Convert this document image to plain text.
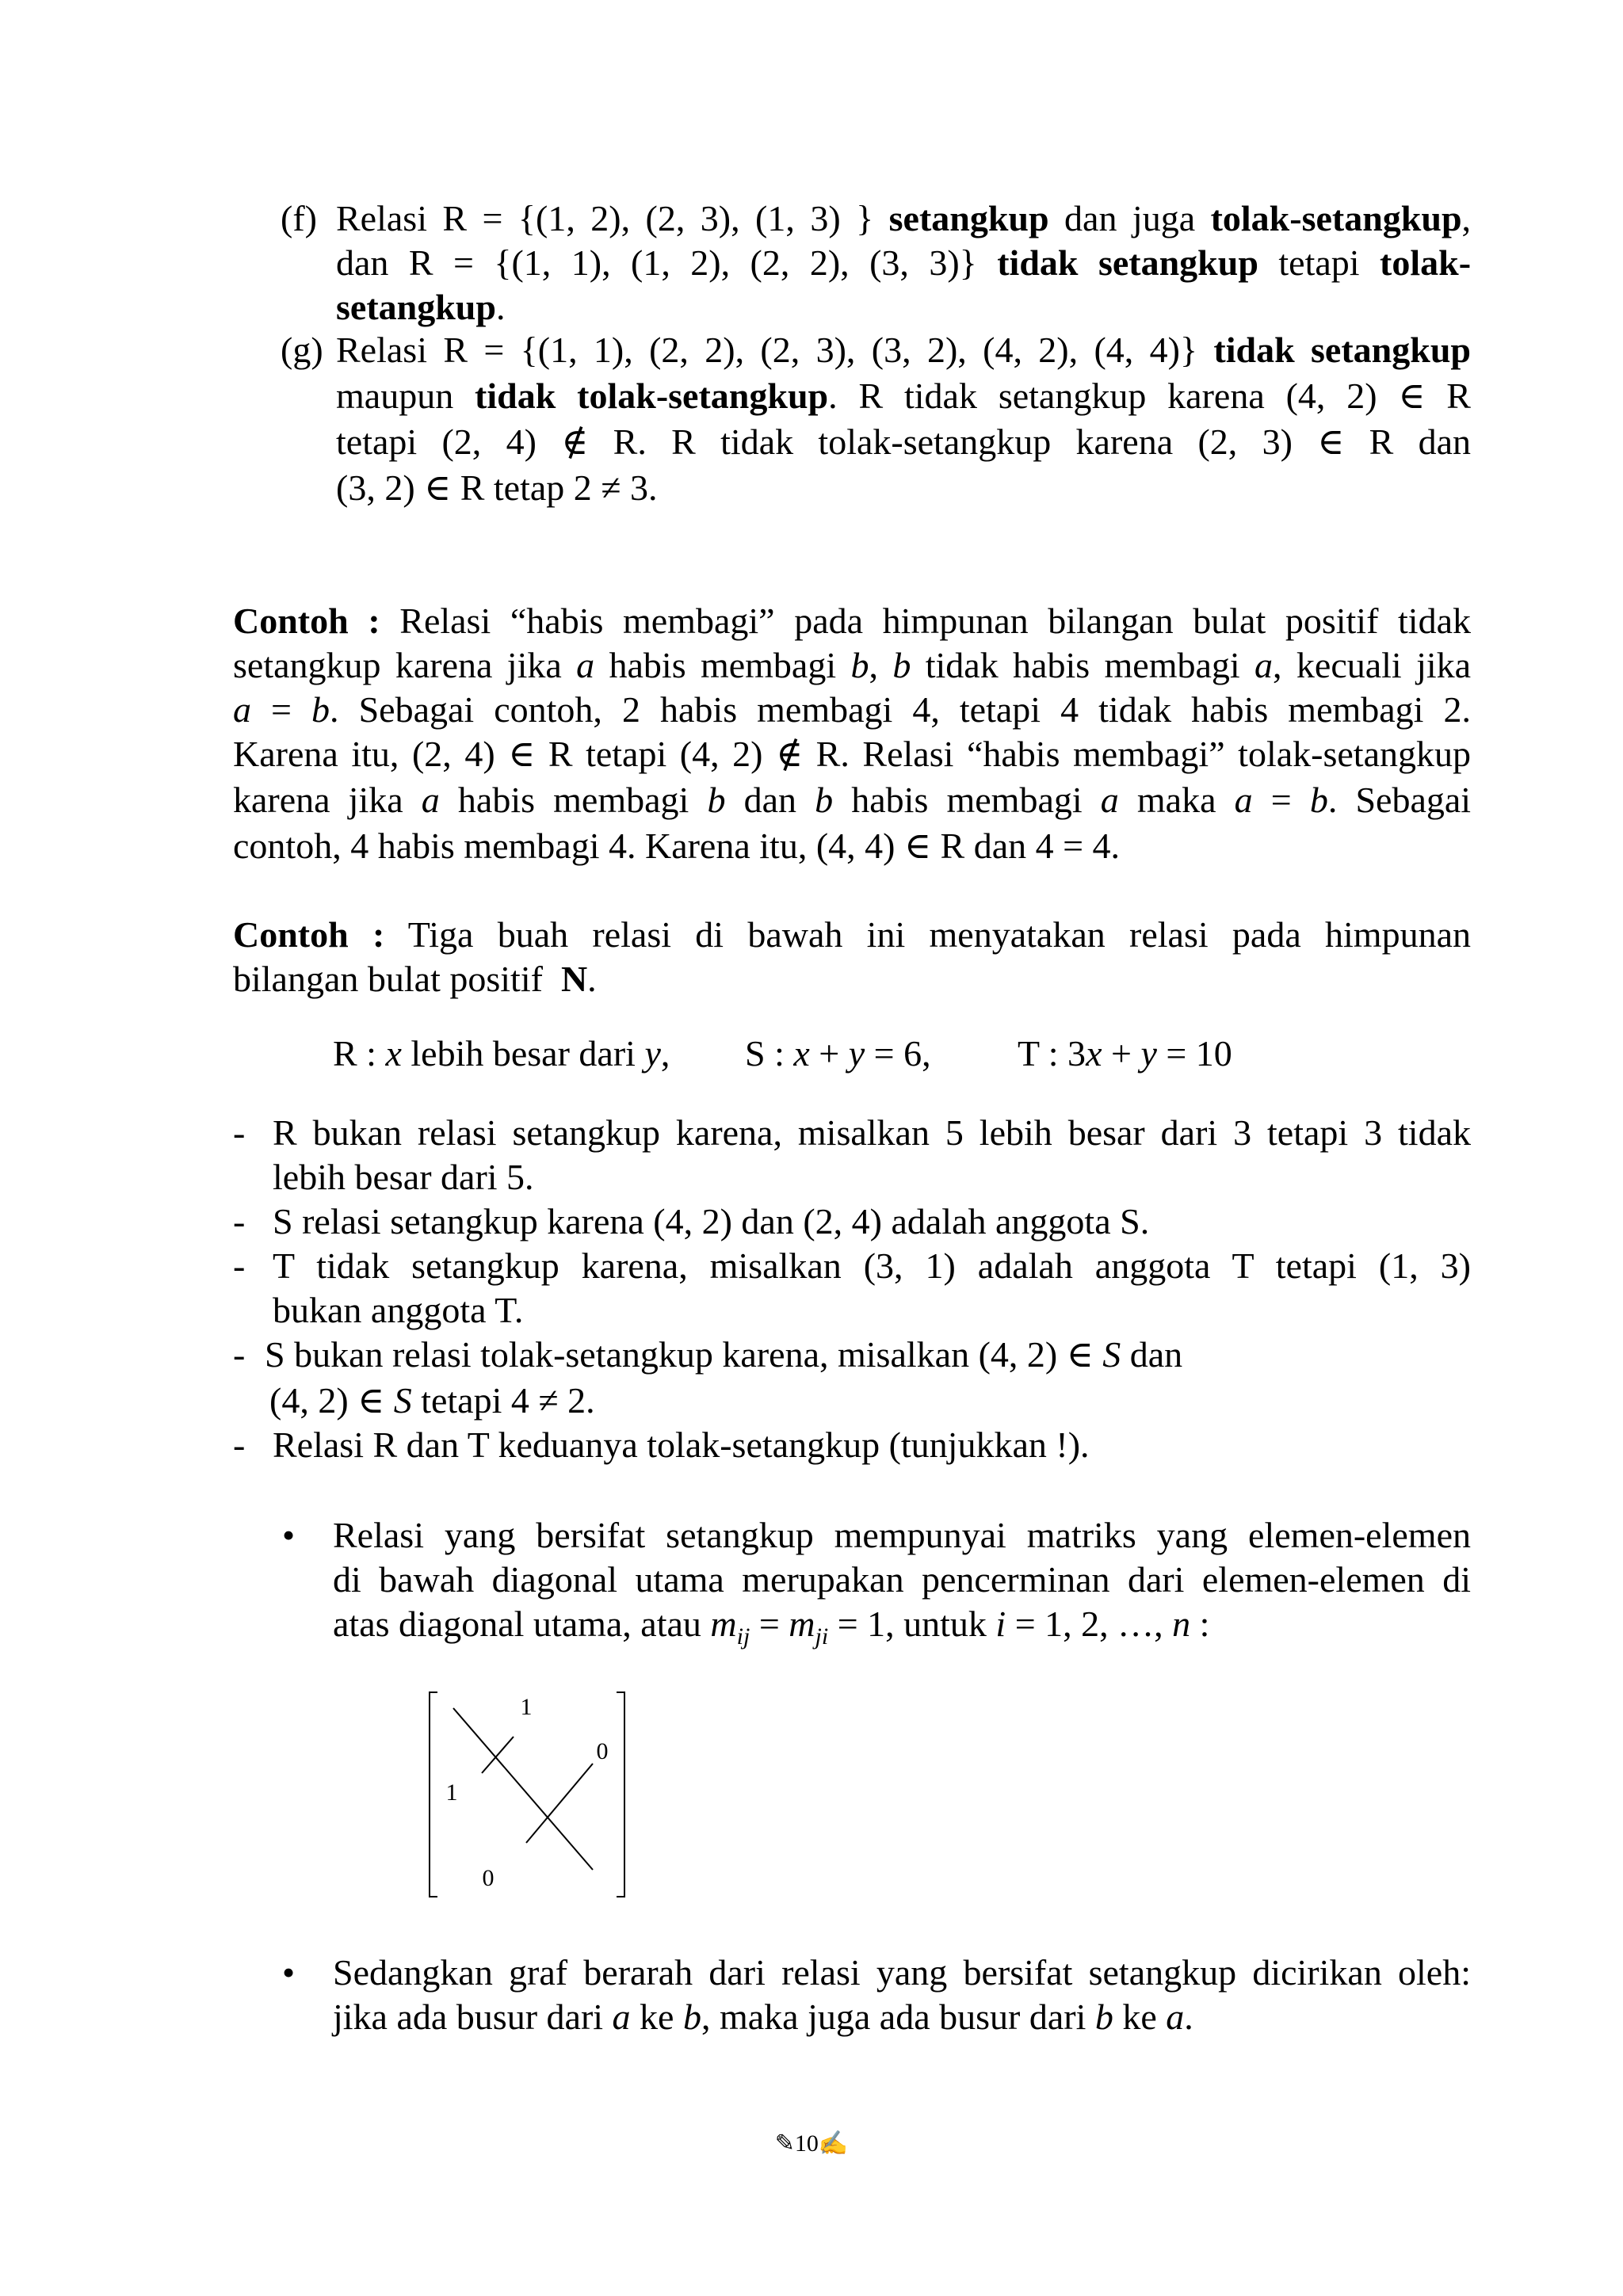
(f) Relasi R = {(1, 2), (2, 3), (1, 3) } setangkup dan juga tolak-setangkup,
dan R = {(1, 1), (1, 2), (2, 2), (3, 3)} tidak setangkup tetapi tolak-
setangkup.
(g) Relasi R = {(1, 1), (2, 2), (2, 3), (3, 2), (4, 2), (4, 4)} tidak setangkup
maupun tidak tolak-setangkup. R tidak setangkup karena (4, 2) ∈ R
tetapi (2, 4) ∉ R. R tidak tolak-setangkup karena (2, 3) ∈ R dan
(3, 2) ∈ R tetap 2 ≠ 3.
Contoh : Relasi “habis membagi” pada himpunan bilangan bulat positif tidak
setangkup karena jika a habis membagi b, b tidak habis membagi a, kecuali jika
a = b. Sebagai contoh, 2 habis membagi 4, tetapi 4 tidak habis membagi 2.
Karena itu, (2, 4) ∈ R tetapi (4, 2) ∉ R. Relasi “habis membagi” tolak-setangkup
karena jika a habis membagi b dan b habis membagi a maka a = b. Sebagai
contoh, 4 habis membagi 4. Karena itu, (4, 4) ∈ R dan 4 = 4.
Contoh : Tiga buah relasi di bawah ini menyatakan relasi pada himpunan
bilangan bulat positif N.
R : x lebih besar dari y, S : x + y = 6, T : 3x + y = 10
- R bukan relasi setangkup karena, misalkan 5 lebih besar dari 3 tetapi 3 tidak
lebih besar dari 5.
- S relasi setangkup karena (4, 2) dan (2, 4) adalah anggota S.
- T tidak setangkup karena, misalkan (3, 1) adalah anggota T tetapi (1, 3)
bukan anggota T.
- S bukan relasi tolak-setangkup karena, misalkan (4, 2) ∈ S dan
(4, 2) ∈ S tetapi 4 ≠ 2.
- Relasi R dan T keduanya tolak-setangkup (tunjukkan !).
• Relasi yang bersifat setangkup mempunyai matriks yang elemen-elemen
di bawah diagonal utama merupakan pencerminan dari elemen-elemen di
atas diagonal utama, atau $m_{ij} = m_{ji} = 1$, untuk i = 1, 2, …, n :
1
0
1
0
• Sedangkan graf berarah dari relasi yang bersifat setangkup dicirikan oleh:
jika ada busur dari a ke b, maka juga ada busur dari b ke a.
✎10✍
